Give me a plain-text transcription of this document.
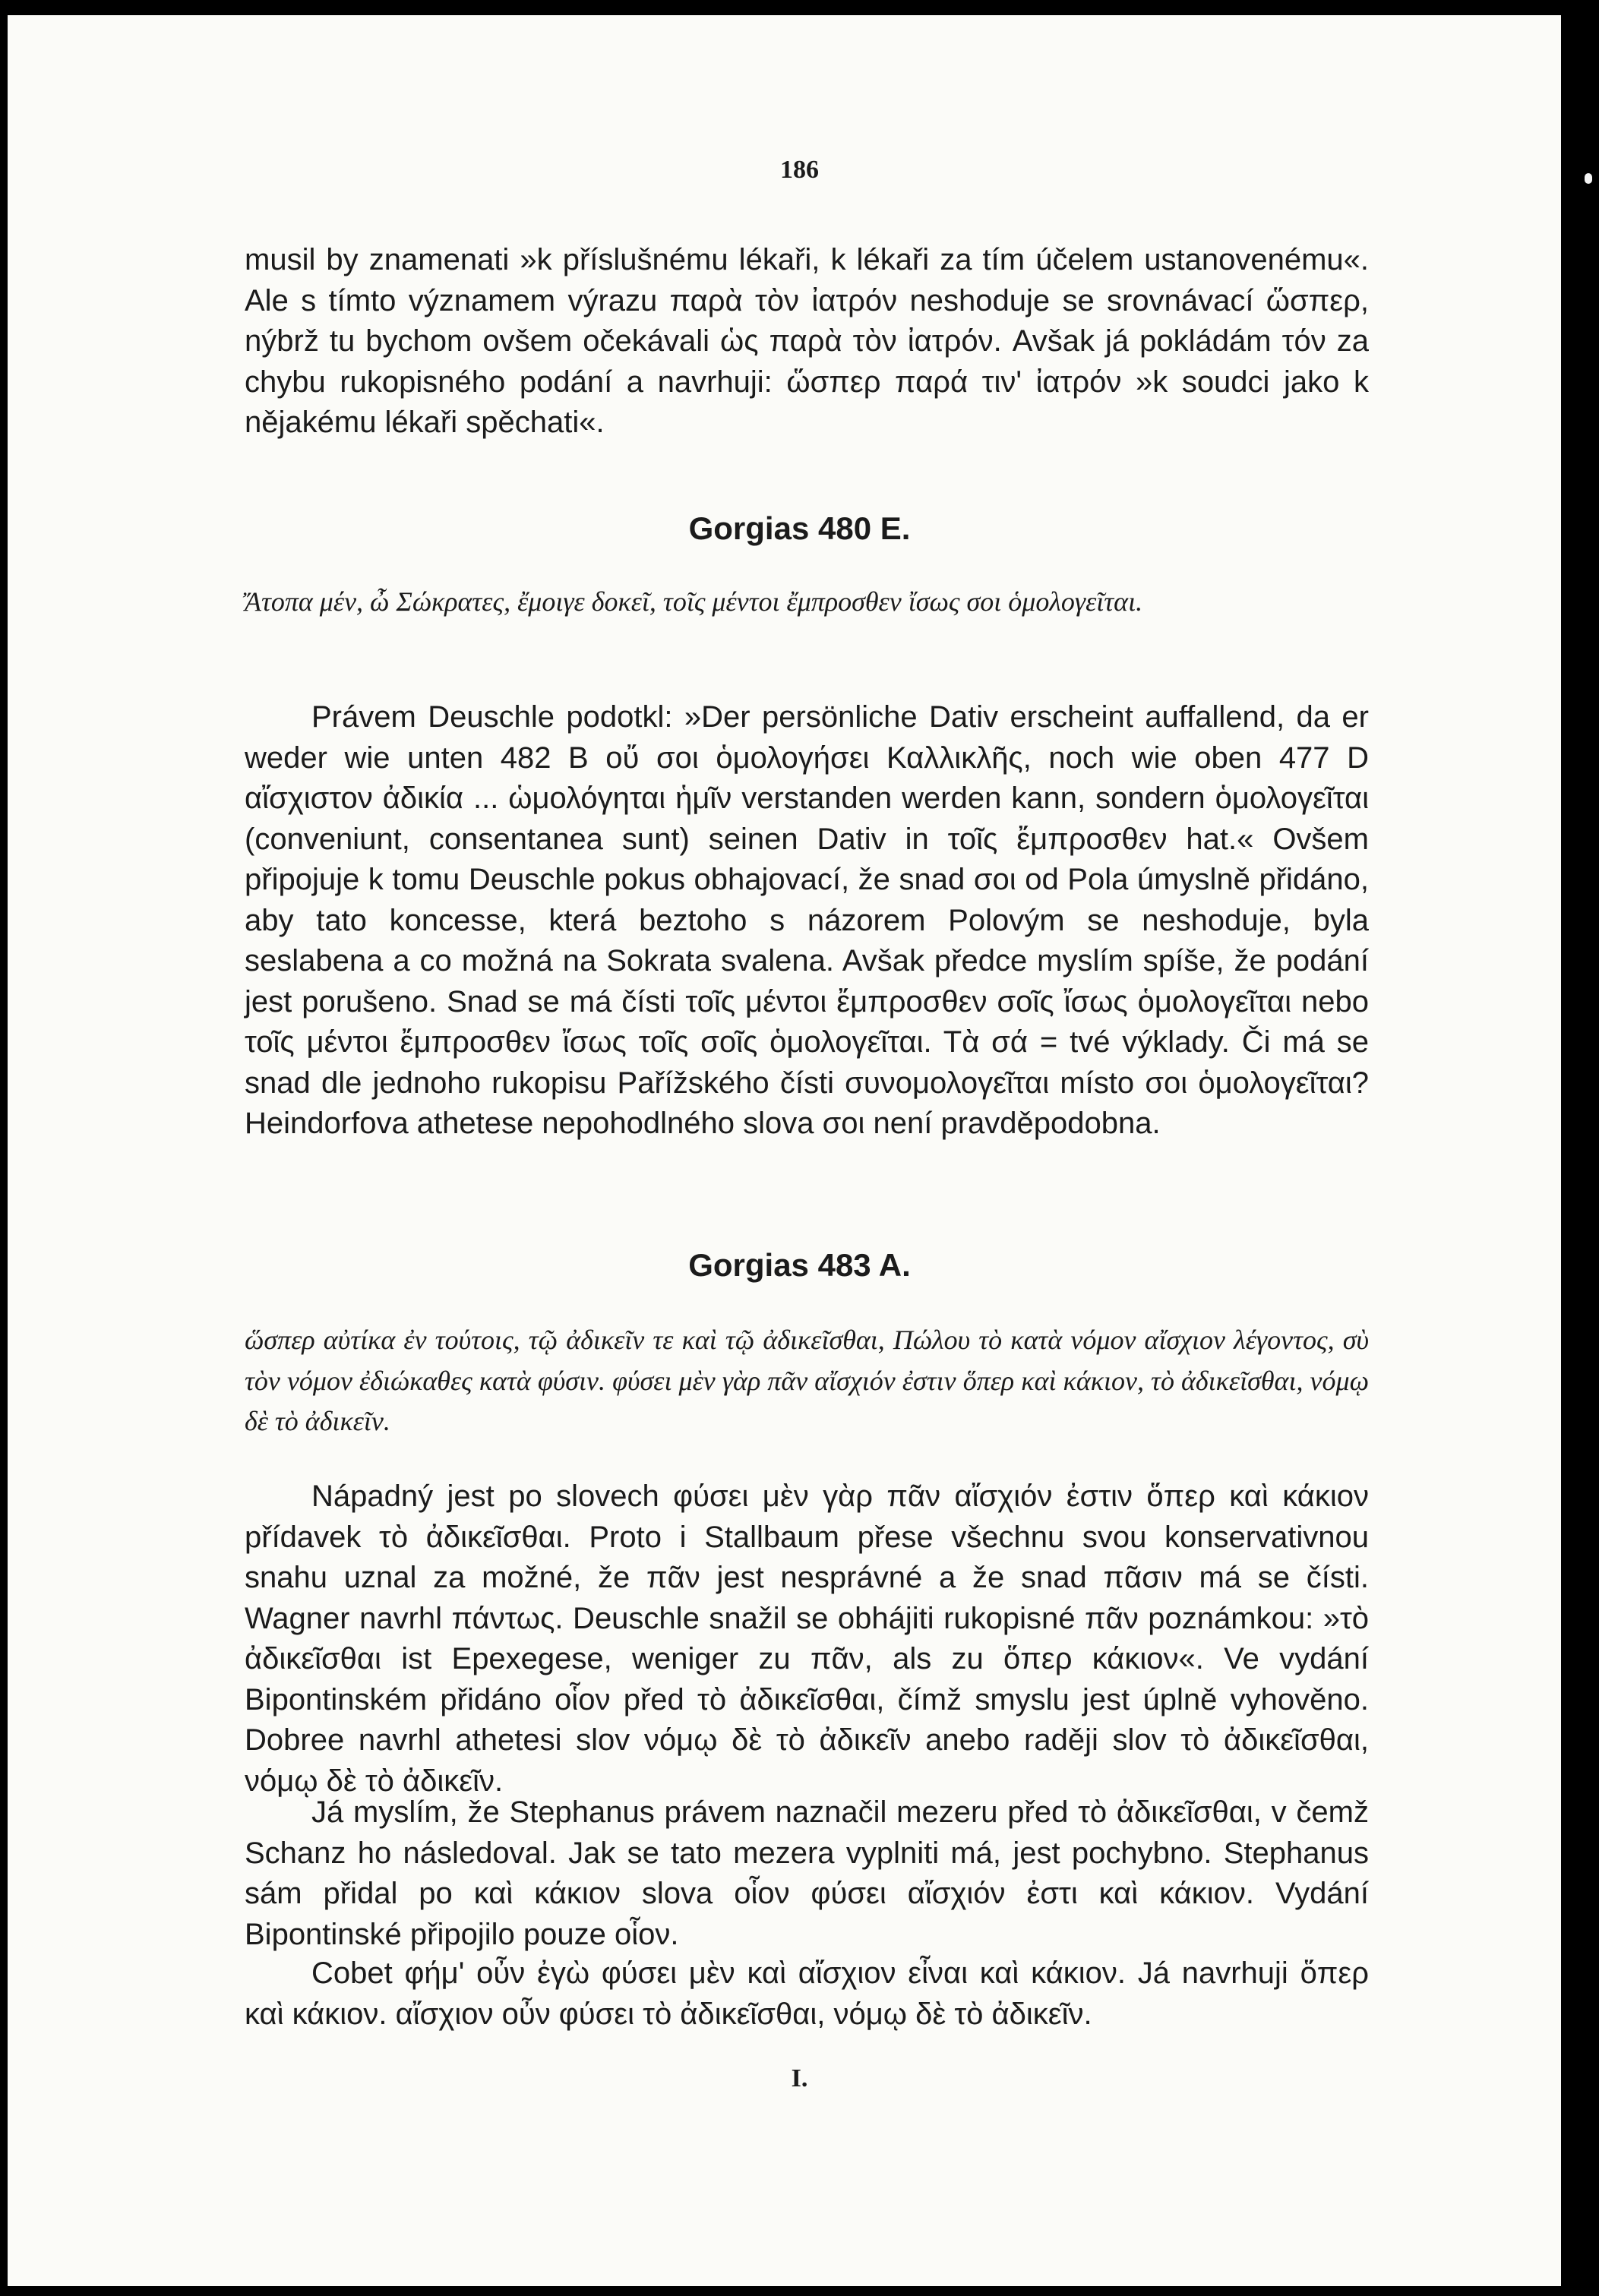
186

musil by znamenati »k příslušnému lékaři, k lékaři za tím účelem ustanovenému«. Ale s tímto významem výrazu παρὰ τὸν ἰατρόν neshoduje se srovnávací ὥσπερ, nýbrž tu bychom ovšem očekávali ὡς παρὰ τὸν ἰατρόν. Avšak já pokládám τόν za chybu rukopisného podání a navrhuji: ὥσπερ παρά τιν' ἰατρόν »k soudci jako k nějakému lékaři spěchati«.

Gorgias 480 E.

Ἄτοπα μέν, ὦ Σώκρατες, ἔμοιγε δοκεῖ, τοῖς μέντοι ἔμπροσθεν ἴσως σοι ὁμολογεῖται.

Právem Deuschle podotkl: »Der persönliche Dativ erscheint auffallend, da er weder wie unten 482 B οὔ σοι ὁμολογήσει Καλλικλῆς, noch wie oben 477 D αἴσχιστον ἀδικία ... ὡμολόγηται ἡμῖν verstanden werden kann, sondern ὁμολογεῖται (conveniunt, consentanea sunt) seinen Dativ in τοῖς ἔμπροσθεν hat.« Ovšem připojuje k tomu Deuschle pokus obhajovací, že snad σοι od Pola úmyslně přidáno, aby tato koncesse, která beztoho s názorem Polovým se neshoduje, byla seslabena a co možná na Sokrata svalena. Avšak předce myslím spíše, že podání jest porušeno. Snad se má čísti τοῖς μέντοι ἔμπροσθεν σοῖς ἴσως ὁμολογεῖται nebo τοῖς μέντοι ἔμπροσθεν ἴσως τοῖς σοῖς ὁμολογεῖται. Τὰ σά = tvé výklady. Či má se snad dle jednoho rukopisu Pařížského čísti συνομολογεῖται místo σοι ὁμολογεῖται? Heindorfova athetese nepohodlného slova σοι není pravděpodobna.

Gorgias 483 A.

ὥσπερ αὐτίκα ἐν τούτοις, τῷ ἀδικεῖν τε καὶ τῷ ἀδικεῖσθαι, Πώλου τὸ κατὰ νόμον αἴσχιον λέγοντος, σὺ τὸν νόμον ἐδιώκαθες κατὰ φύσιν. φύσει μὲν γὰρ πᾶν αἴσχιόν ἐστιν ὅπερ καὶ κάκιον, τὸ ἀδικεῖσθαι, νόμῳ δὲ τὸ ἀδικεῖν.

Nápadný jest po slovech φύσει μὲν γὰρ πᾶν αἴσχιόν ἐστιν ὅπερ καὶ κάκιον přídavek τὸ ἀδικεῖσθαι. Proto i Stallbaum přese všechnu svou konservativnou snahu uznal za možné, že πᾶν jest nesprávné a že snad πᾶσιν má se čísti. Wagner navrhl πάντως. Deuschle snažil se obhájiti rukopisné πᾶν poznámkou: »τὸ ἀδικεῖσθαι ist Epexegese, weniger zu πᾶν, als zu ὅπερ κάκιον«. Ve vydání Bipontinském přidáno οἷον před τὸ ἀδικεῖσθαι, čímž smyslu jest úplně vyhověno. Dobree navrhl athetesi slov νόμῳ δὲ τὸ ἀδικεῖν anebo raději slov τὸ ἀδικεῖσθαι, νόμῳ δὲ τὸ ἀδικεῖν.

Já myslím, že Stephanus právem naznačil mezeru před τὸ ἀδικεῖσθαι, v čemž Schanz ho následoval. Jak se tato mezera vyplniti má, jest pochybno. Stephanus sám přidal po καὶ κάκιον slova οἷον φύσει αἴσχιόν ἐστι καὶ κάκιον. Vydání Bipontinské připojilo pouze οἷον.

Cobet φήμ' οὖν ἐγὼ φύσει μὲν καὶ αἴσχιον εἶναι καὶ κάκιον. Já navrhuji ὅπερ καὶ κάκιον. αἴσχιον οὖν φύσει τὸ ἀδικεῖσθαι, νόμῳ δὲ τὸ ἀδικεῖν.

I.
